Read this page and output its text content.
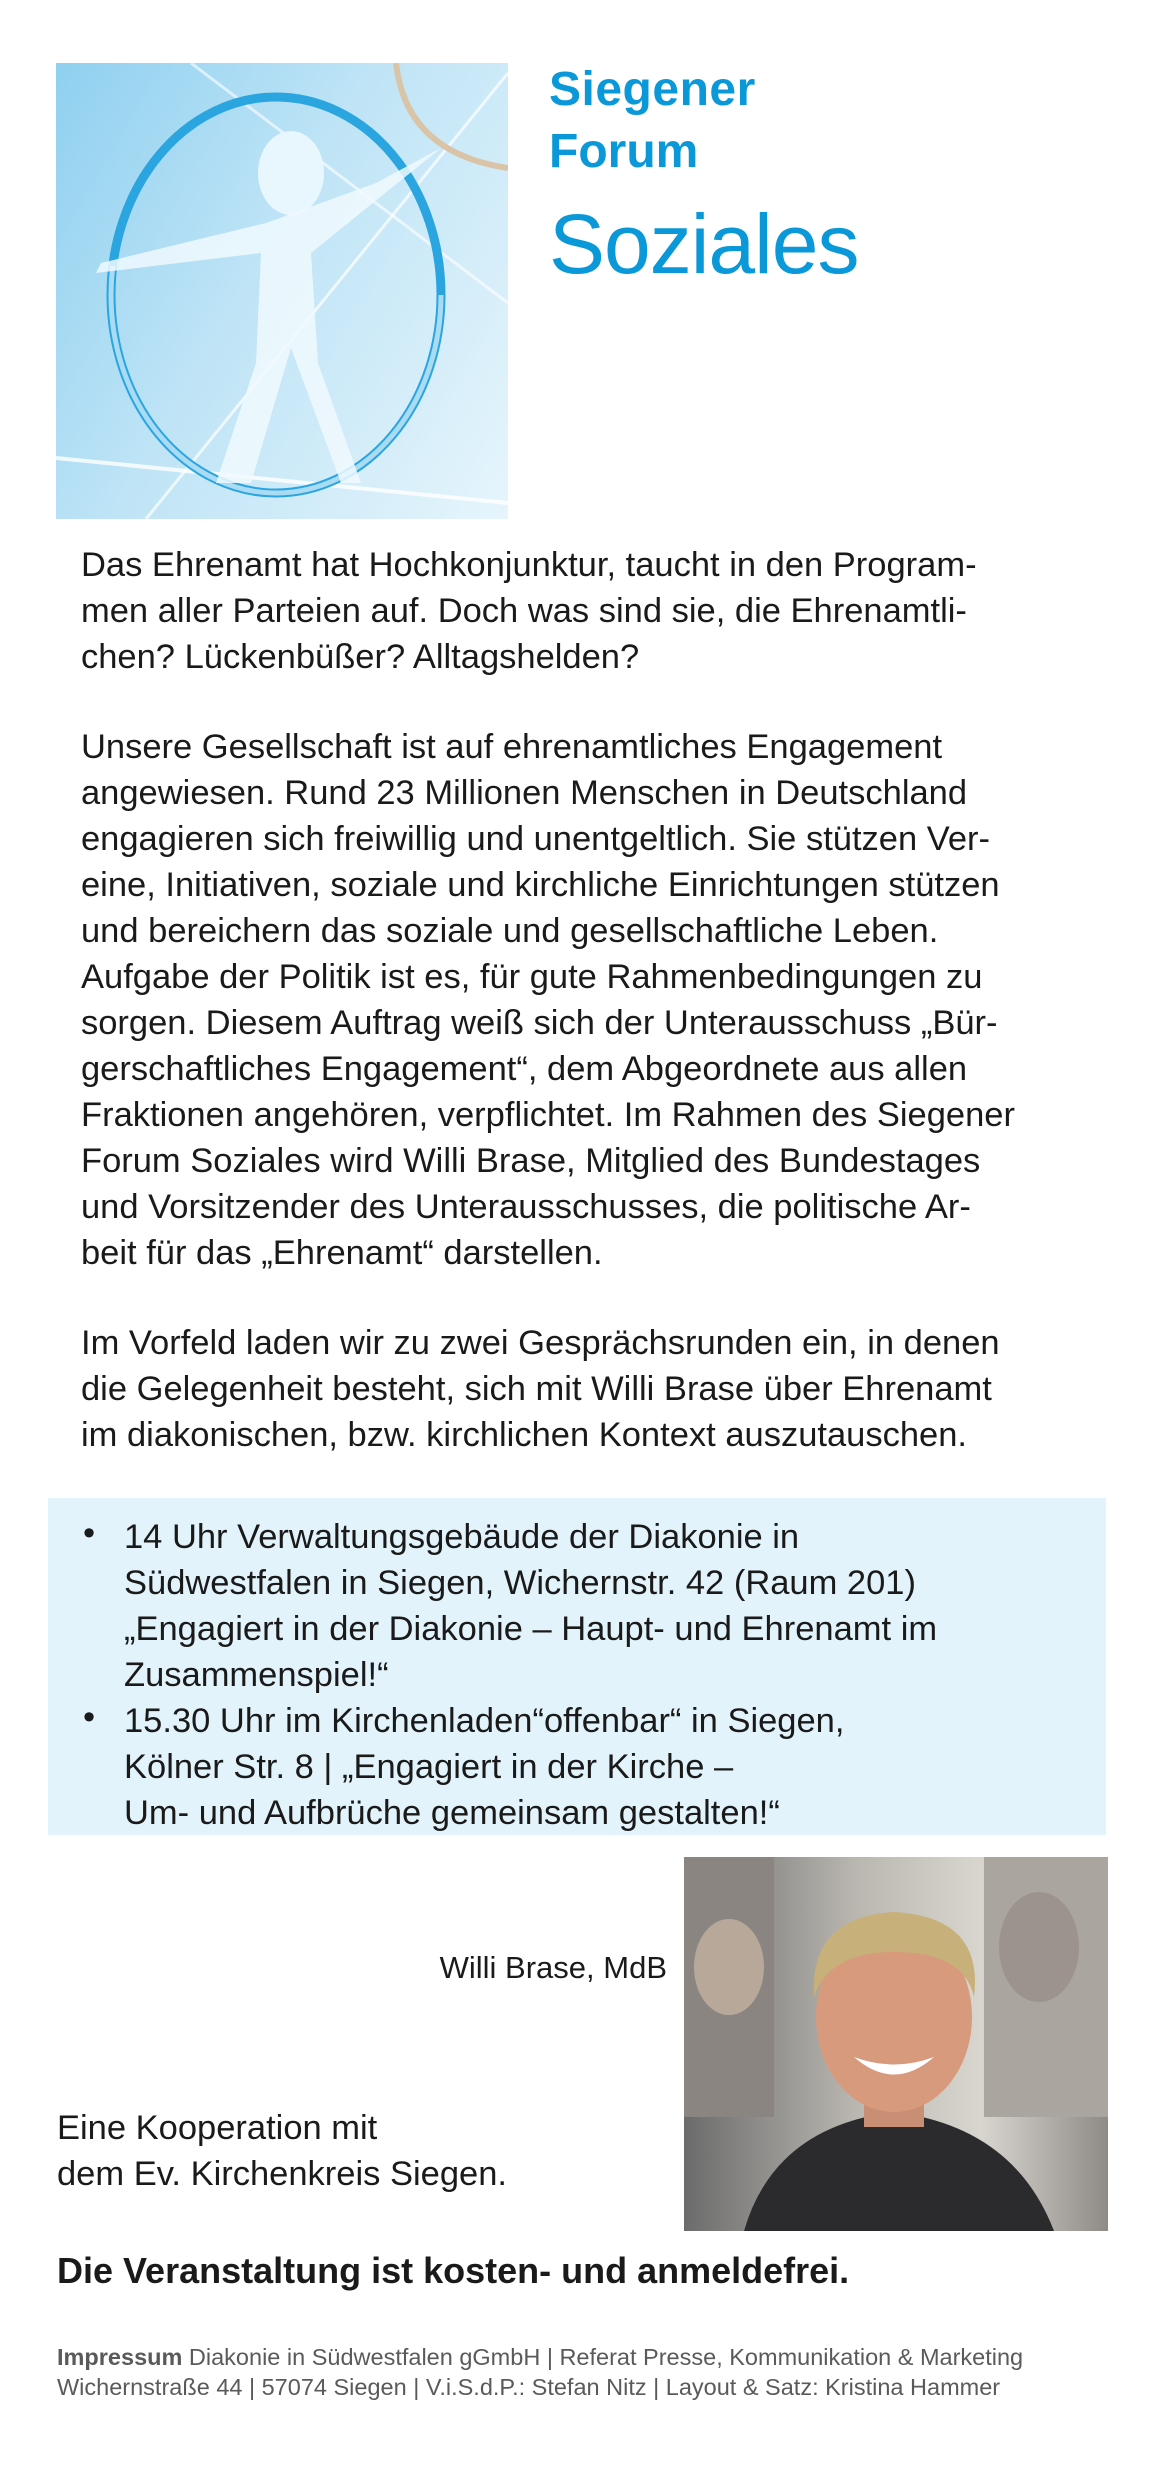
Siegener
Forum
Soziales
Das Ehrenamt hat Hochkonjunktur, taucht in den Program-
men aller Parteien auf. Doch was sind sie, die Ehrenamtli-
chen? Lückenbüßer? Alltagshelden?
Unsere Gesellschaft ist auf ehrenamtliches Engagement
angewiesen. Rund 23 Millionen Menschen in Deutschland
engagieren sich freiwillig und unentgeltlich. Sie stützen Ver-
eine, Initiativen, soziale und kirchliche Einrichtungen stützen
und bereichern das soziale und gesellschaftliche Leben.
Aufgabe der Politik ist es, für gute Rahmenbedingungen zu
sorgen. Diesem Auftrag weiß sich der Unterausschuss „Bür-
gerschaftliches Engagement“, dem Abgeordnete aus allen
Fraktionen angehören, verpflichtet. Im Rahmen des Siegener
Forum Soziales wird Willi Brase, Mitglied des Bundestages
und Vorsitzender des Unterausschusses, die politische Ar-
beit für das „Ehrenamt“ darstellen.
Im Vorfeld laden wir zu zwei Gesprächsrunden ein, in denen
die Gelegenheit besteht, sich mit Willi Brase über Ehrenamt
im diakonischen, bzw. kirchlichen Kontext auszutauschen.
• 14 Uhr Verwaltungsgebäude der Diakonie in
Südwestfalen in Siegen, Wichernstr. 42 (Raum 201)
„Engagiert in der Diakonie – Haupt- und Ehrenamt im
Zusammenspiel!“
• 15.30 Uhr im Kirchenladen“offenbar“ in Siegen,
Kölner Str. 8 | „Engagiert in der Kirche –
Um- und Aufbrüche gemeinsam gestalten!“
Willi Brase, MdB
Eine Kooperation mit
dem Ev. Kirchenkreis Siegen.
Die Veranstaltung ist kosten- und anmeldefrei.
Impressum Diakonie in Südwestfalen gGmbH | Referat Presse, Kommunikation & Marketing
Wichernstraße 44 | 57074 Siegen | V.i.S.d.P.: Stefan Nitz | Layout & Satz: Kristina Hammer
